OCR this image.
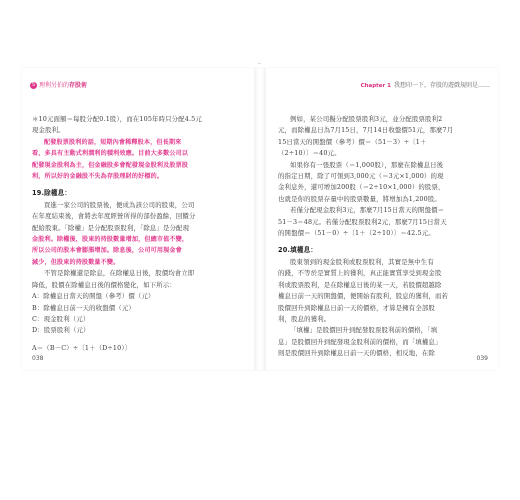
S 理利另伯的存股術

＊10元面額＝每股分配0.1股），而在105年時只分配4.5元

現金股利。

配發股票股利的話，短期內會稀釋股本，但長期來

看，多具有主動式利潤利的積利效應。目前大多數公司以

配發現金股利為主，但金融股多會配發現金股利及股票股

利，所以好的金融股不失為存股理財的好標的。

19.除權息：

買進一家公司的股票後，便成為該公司的股東，公司

在年度結束後，會將去年度經營所得的部份盈餘，回饋分

配給股東。「除權」是分配股票股利，「除息」是分配現

金股利。除權後，股東的持股數量增加，但總市值不變，

所以公司的股本會膨脹增加。除息後，公司可用現金會

減少，但股東的持股數量不變。

不管是除權還是除息，在除權息日後，股價均會立即

降低，股價在除權息日後的價格變化，如下所示：

A：除權息日當天的開盤（參考）價（元）

B：除權息日前一天的收盤價（元）

C：現金股利（元）

D：股票股利（元）

A＝（B－C）÷〔1＋（D÷10）〕

038
Chapter 1 我想印一下，存股的遊戲規則是……

例如，某公司擬分配股票股利3元，並分配股票股利2

元，而除權息日為7月15日，7月14日收盤價51元，那麼7月

15日當天的開盤價（參考）價＝（51－3）÷〔1＋

（2÷10）〕＝40元。

如果你有一張股票（＝1,000股），那麼在除權息日後

的指定日期，除了可領到3,000元（＝3元×1,000）的現

金利息外，還可增加200股（＝2÷10×1,000）的股票，

也就是你的股票存量中的股票數量，將增加為1,200股。

若僅分配現金股利3元，那麼7月15日當天的開盤價＝

51－3＝48元。若僅分配股票股利2元，那麼7月15日當天

的開盤價＝（51－0）÷〔1＋（2÷10）〕＝42.5元。

20.填權息：

股東領到的現金股利或股票股利，其實是無中生有

的錢，不等於是實質上的獲利，真正能實質享受到現金股

利或股票股利，是在除權息日後的某一天，若股價超越除

權息日前一天的開盤價，便開始有股利，股息的獲利，而若

股價回升到除權息日前一天的價格，才算是擁有全部股

利，股息的獲利。

「填權」是股價回升到配發股票股利前的價格，「填

息」是股價回升到配發現金股利前的價格，而「填權息」

則是股價回升到除權息日前一天的價格，相反地，在除

039
